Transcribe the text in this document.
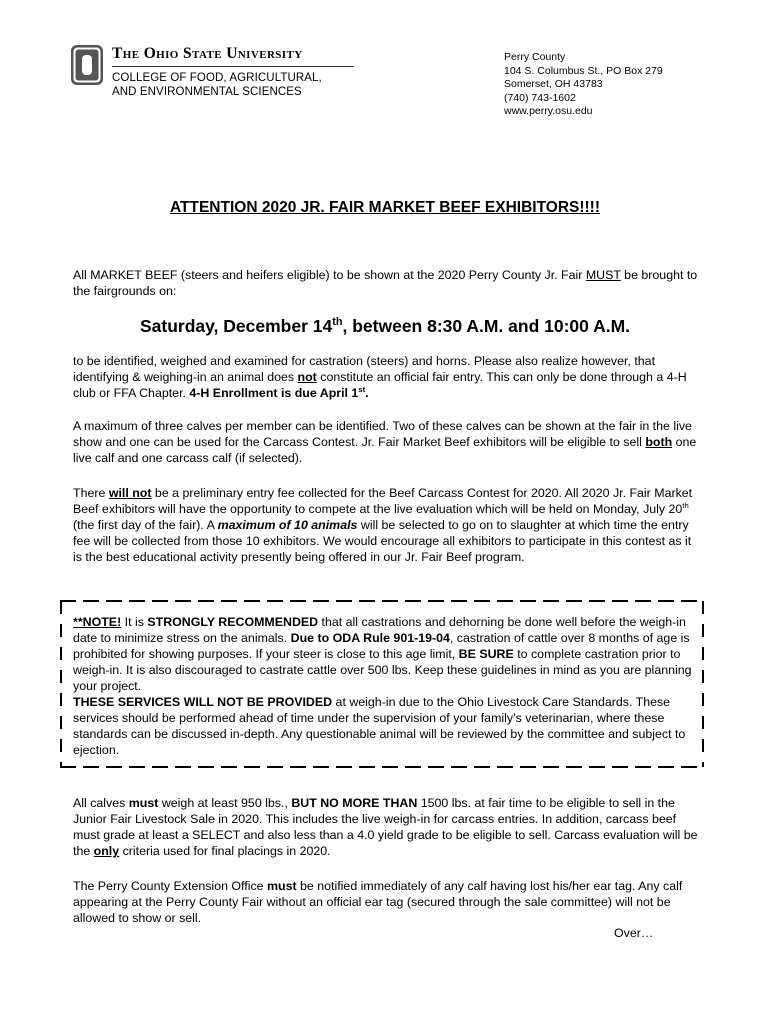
The Ohio State University
COLLEGE OF FOOD, AGRICULTURAL,
AND ENVIRONMENTAL SCIENCES
Perry County
104 S. Columbus St., PO Box 279
Somerset, OH 43783
(740) 743-1602
www.perry.osu.edu
ATTENTION 2020 JR. FAIR MARKET BEEF EXHIBITORS!!!!
All MARKET BEEF (steers and heifers eligible) to be shown at the 2020 Perry County Jr. Fair MUST be brought to the fairgrounds on:
Saturday, December 14th, between 8:30 A.M. and 10:00 A.M.
to be identified, weighed and examined for castration (steers) and horns. Please also realize however, that identifying & weighing-in an animal does not constitute an official fair entry. This can only be done through a 4-H club or FFA Chapter. 4-H Enrollment is due April 1st.
A maximum of three calves per member can be identified. Two of these calves can be shown at the fair in the live show and one can be used for the Carcass Contest. Jr. Fair Market Beef exhibitors will be eligible to sell both one live calf and one carcass calf (if selected).
There will not be a preliminary entry fee collected for the Beef Carcass Contest for 2020. All 2020 Jr. Fair Market Beef exhibitors will have the opportunity to compete at the live evaluation which will be held on Monday, July 20th (the first day of the fair). A maximum of 10 animals will be selected to go on to slaughter at which time the entry fee will be collected from those 10 exhibitors. We would encourage all exhibitors to participate in this contest as it is the best educational activity presently being offered in our Jr. Fair Beef program.
**NOTE! It is STRONGLY RECOMMENDED that all castrations and dehorning be done well before the weigh-in date to minimize stress on the animals. Due to ODA Rule 901-19-04, castration of cattle over 8 months of age is prohibited for showing purposes. If your steer is close to this age limit, BE SURE to complete castration prior to weigh-in. It is also discouraged to castrate cattle over 500 lbs. Keep these guidelines in mind as you are planning your project.
THESE SERVICES WILL NOT BE PROVIDED at weigh-in due to the Ohio Livestock Care Standards. These services should be performed ahead of time under the supervision of your family’s veterinarian, where these standards can be discussed in-depth. Any questionable animal will be reviewed by the committee and subject to ejection.
All calves must weigh at least 950 lbs., BUT NO MORE THAN 1500 lbs. at fair time to be eligible to sell in the Junior Fair Livestock Sale in 2020. This includes the live weigh-in for carcass entries. In addition, carcass beef must grade at least a SELECT and also less than a 4.0 yield grade to be eligible to sell. Carcass evaluation will be the only criteria used for final placings in 2020.
The Perry County Extension Office must be notified immediately of any calf having lost his/her ear tag. Any calf appearing at the Perry County Fair without an official ear tag (secured through the sale committee) will not be allowed to show or sell.
Over…
